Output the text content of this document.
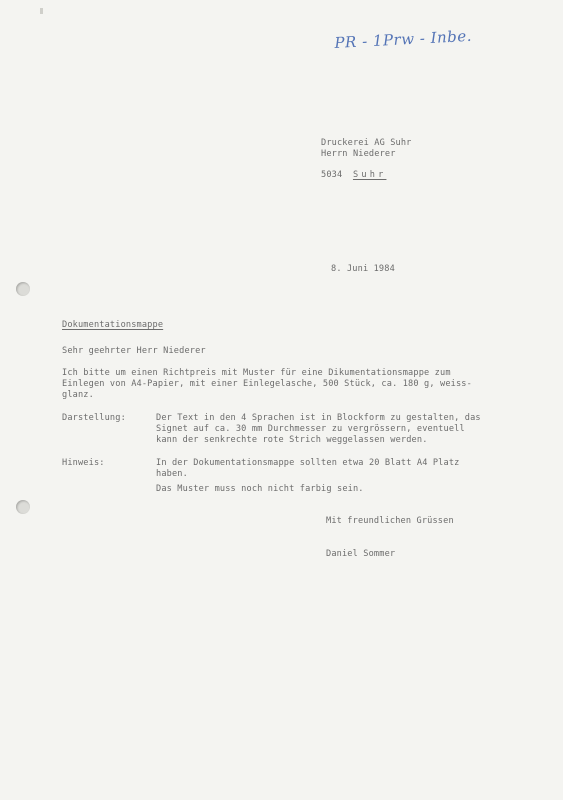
PR - 1Prw - Inbe.
Druckerei AG Suhr
Herrn Niederer
5034 Suhr
8. Juni 1984
Dokumentationsmappe
Sehr geehrter Herr Niederer
Ich bitte um einen Richtpreis mit Muster für eine Dikumentationsmappe zum
Einlegen von A4-Papier, mit einer Einlegelasche, 500 Stück, ca. 180 g, weiss-
glanz.
Darstellung:	Der Text in den 4 Sprachen ist in Blockform zu gestalten, das
Signet auf ca. 30 mm Durchmesser zu vergrössern, eventuell
kann der senkrechte rote Strich weggelassen werden.
Hinweis:	In der Dokumentationsmappe sollten etwa 20 Blatt A4 Platz
haben.
Das Muster muss noch nicht farbig sein.
Mit freundlichen Grüssen
Daniel Sommer
